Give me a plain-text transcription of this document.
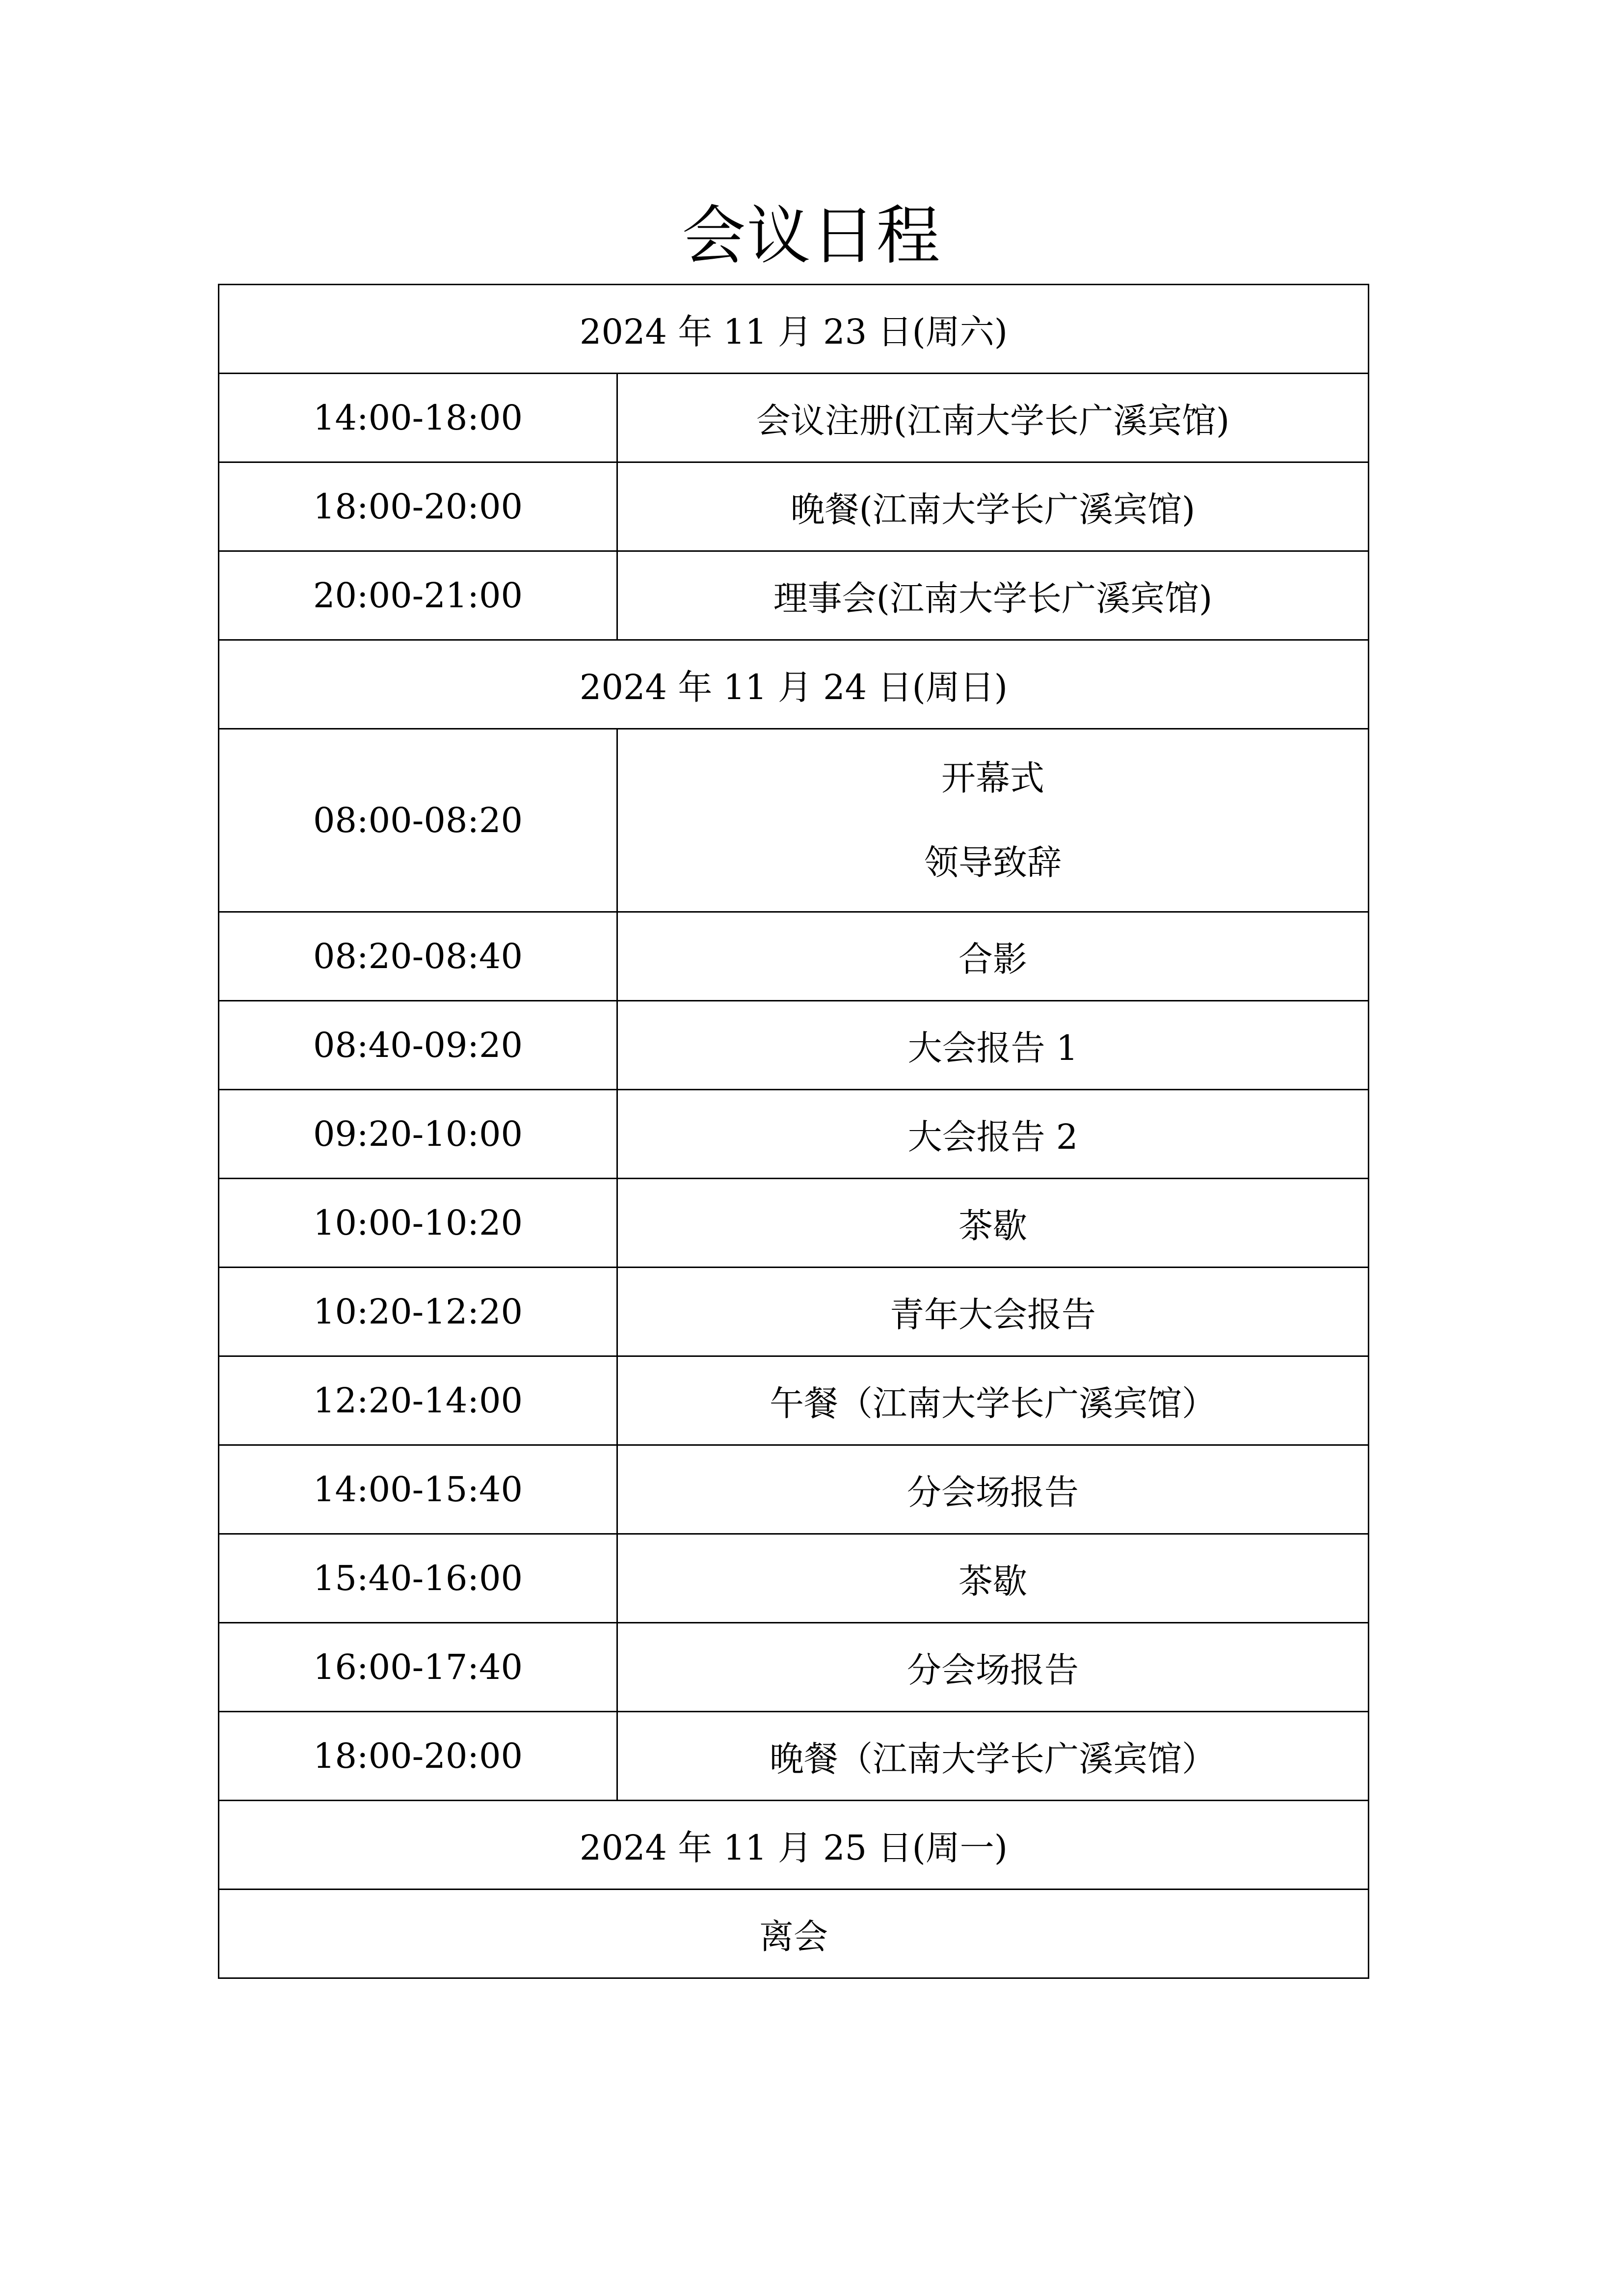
会议日程
2024 年 11 月 23 日(周六)	
14:00-18:00	会议注册(江南大学长广溪宾馆)
18:00-20:00	晚餐(江南大学长广溪宾馆)
20:00-21:00	理事会(江南大学长广溪宾馆)
2024 年 11 月 24 日(周日)	
08:00-08:20	开幕式
领导致辞

08:20-08:40	合影
08:40-09:20	大会报告 1
09:20-10:00	大会报告 2
10:00-10:20	茶歇
10:20-12:20	青年大会报告
12:20-14:00	午餐（江南大学长广溪宾馆）
14:00-15:40	分会场报告
15:40-16:00	茶歇
16:00-17:40	分会场报告
18:00-20:00	晚餐（江南大学长广溪宾馆）
2024 年 11 月 25 日(周一)	
离会	
